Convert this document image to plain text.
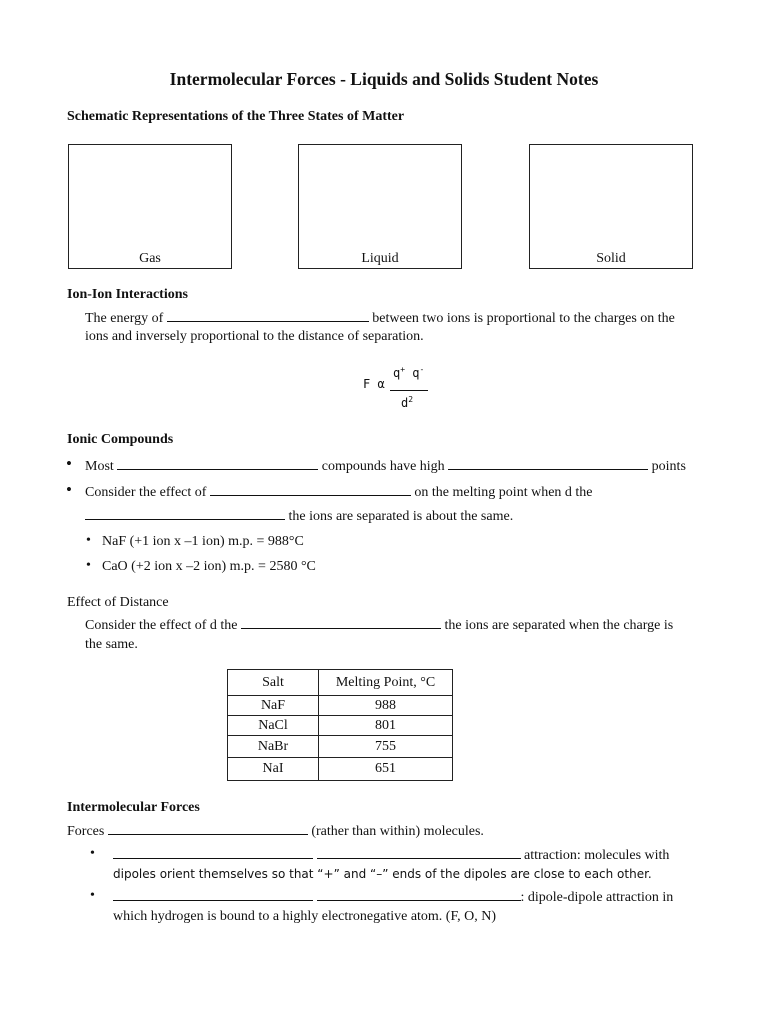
Intermolecular Forces - Liquids and Solids Student Notes
Schematic Representations of the Three States of Matter
Gas	Liquid	Solid
Ion-Ion Interactions
The energy of	between two ions is proportional to the charges on the
ions and inversely proportional to the distance of separation.
F α
q+ q-
$d^2$
Ionic Compounds
• Most	compounds have high	points
• Consider the effect of	on the melting point when d the
the ions are separated is about the same.
• NaF (+1 ion x –1 ion) m.p. = 988°C
• CaO (+2 ion x –2 ion) m.p. = 2580 °C
Effect of Distance
Consider the effect of d the	the ions are separated when the charge is
the same.
Salt	Melting Point, °C
NaF	988
NaCl	801
NaBr	755
NaI	651
Intermolecular Forces
Forces	(rather than within) molecules.
•	attraction: molecules with
dipoles orient themselves so that “+” and “–” ends of the dipoles are close to each other.
•	: dipole-dipole attraction in
which hydrogen is bound to a highly electronegative atom. (F, O, N)
